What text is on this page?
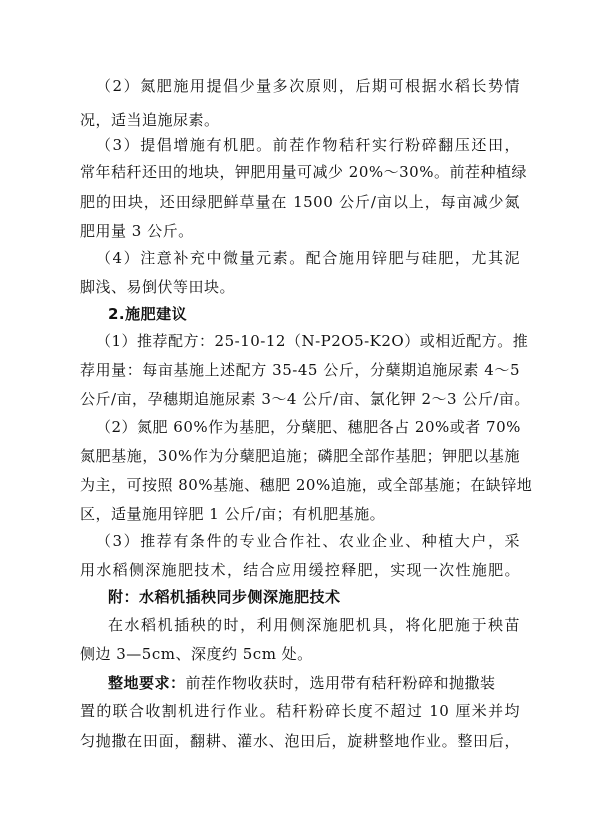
（2）氮肥施用提倡少量多次原则，后期可根据水稻长势情
况，适当追施尿素。
（3）提倡增施有机肥。前茬作物秸秆实行粉碎翻压还田，
常年秸秆还田的地块，钾肥用量可减少 20%～30%。前茬种植绿
肥的田块，还田绿肥鲜草量在 1500 公斤/亩以上，每亩减少氮
肥用量 3 公斤。
（4）注意补充中微量元素。配合施用锌肥与硅肥，尤其泥
脚浅、易倒伏等田块。
2.施肥建议
（1）推荐配方：25-10-12（N-P2O5-K2O）或相近配方。推
荐用量：每亩基施上述配方 35-45 公斤，分蘖期追施尿素 4～5
公斤/亩，孕穗期追施尿素 3～4 公斤/亩、氯化钾 2～3 公斤/亩。
（2）氮肥 60%作为基肥，分蘖肥、穗肥各占 20%或者 70%
氮肥基施，30%作为分蘖肥追施；磷肥全部作基肥；钾肥以基施
为主，可按照 80%基施、穗肥 20%追施，或全部基施；在缺锌地
区，适量施用锌肥 1 公斤/亩；有机肥基施。
（3）推荐有条件的专业合作社、农业企业、种植大户，采
用水稻侧深施肥技术，结合应用缓控释肥，实现一次性施肥。
附：水稻机插秧同步侧深施肥技术
在水稻机插秧的时，利用侧深施肥机具，将化肥施于秧苗
侧边 3—5cm、深度约 5cm 处。
整地要求：前茬作物收获时，选用带有秸秆粉碎和抛撒装
置的联合收割机进行作业。秸秆粉碎长度不超过 10 厘米并均
匀抛撒在田面，翻耕、灌水、泡田后，旋耕整地作业。整田后，
